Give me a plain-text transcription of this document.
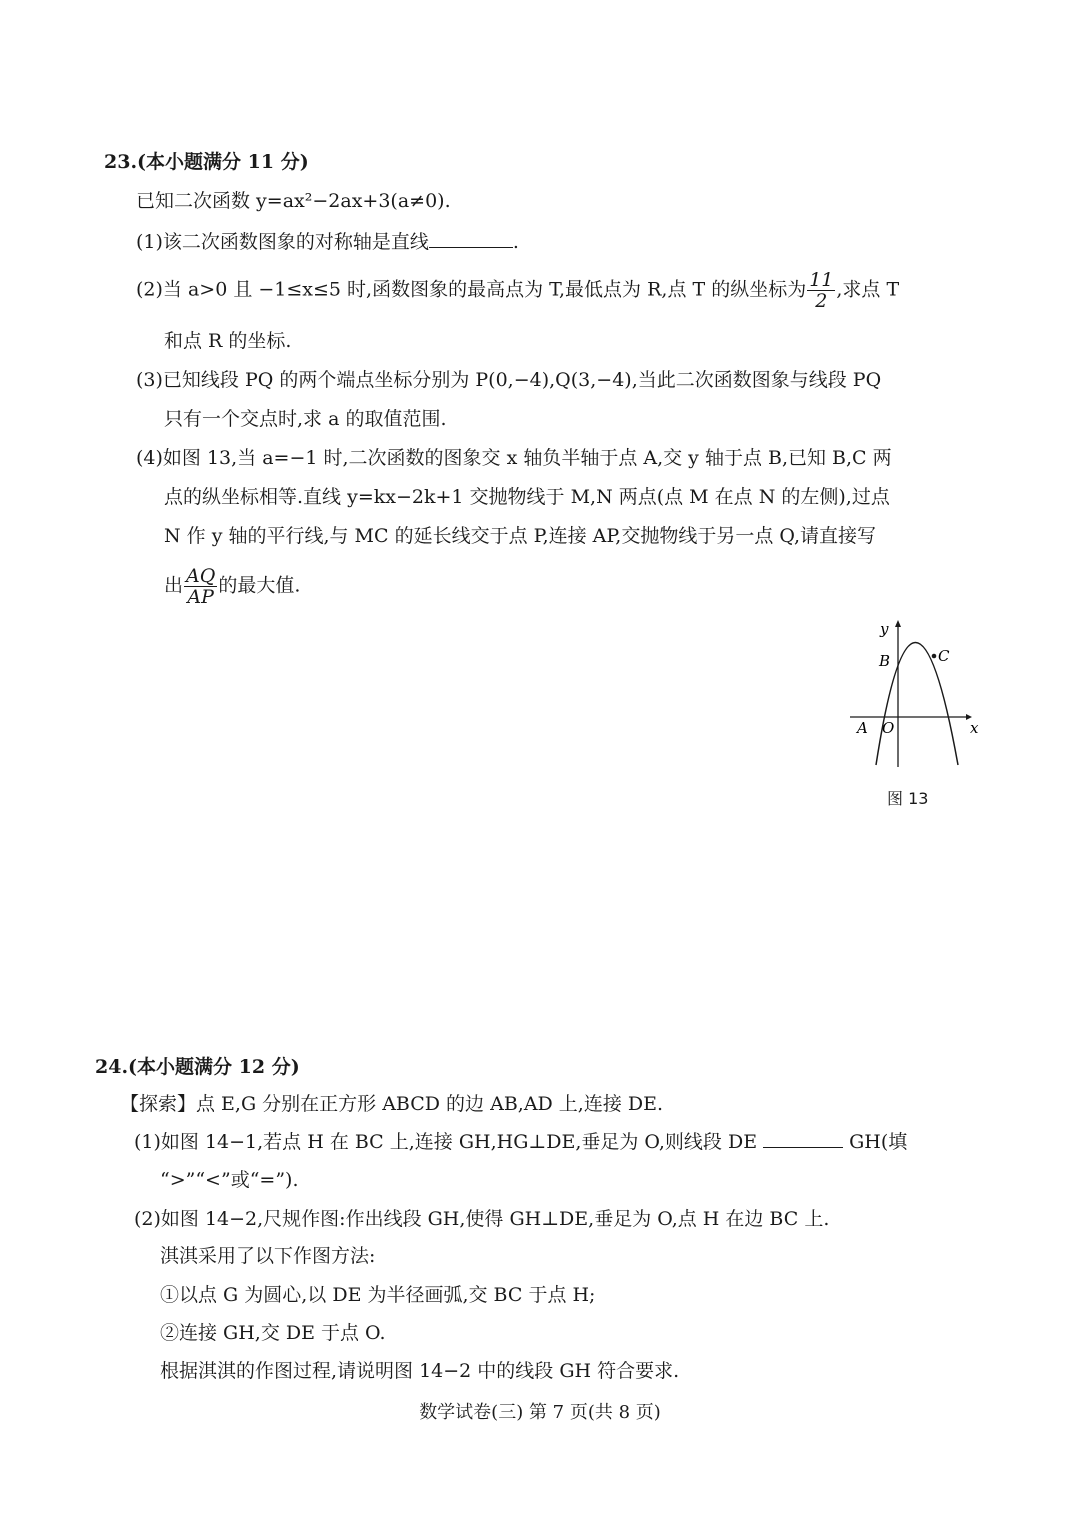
23.(本小题满分 11 分)
已知二次函数 y=ax²−2ax+3(a≠0).
(1)该二次函数图象的对称轴是直线	.
(2)当 a>0 且 −1≤x≤5 时,函数图象的最高点为 T,最低点为 R,点 T 的纵坐标为 $\frac{11}{2}$ ,求点 T
和点 R 的坐标.
(3)已知线段 PQ 的两个端点坐标分别为 P(0,−4),Q(3,−4),当此二次函数图象与线段 PQ
只有一个交点时,求 a 的取值范围.
(4)如图 13,当 a=−1 时,二次函数的图象交 x 轴负半轴于点 A,交 y 轴于点 B,已知 B,C 两
点的纵坐标相等.直线 y=kx−2k+1 交抛物线于 M,N 两点(点 M 在点 N 的左侧),过点
N 作 y 轴的平行线,与 MC 的延长线交于点 P,连接 AP,交抛物线于另一点 Q,请直接写
出 $\frac{AQ}{AP}$ 的最大值.
y
x
B	C
A O
图 13
24.(本小题满分 12 分)
【探索】点 E,G 分别在正方形 ABCD 的边 AB,AD 上,连接 DE.
(1)如图 14−1,若点 H 在 BC 上,连接 GH,HG⊥DE,垂足为 O,则线段 DE	GH(填
“>”“<”或“=”).
(2)如图 14−2,尺规作图:作出线段 GH,使得 GH⊥DE,垂足为 O,点 H 在边 BC 上.
淇淇采用了以下作图方法:
①以点 G 为圆心,以 DE 为半径画弧,交 BC 于点 H;
②连接 GH,交 DE 于点 O.
根据淇淇的作图过程,请说明图 14−2 中的线段 GH 符合要求.
数学试卷(三) 第 7 页(共 8 页)
